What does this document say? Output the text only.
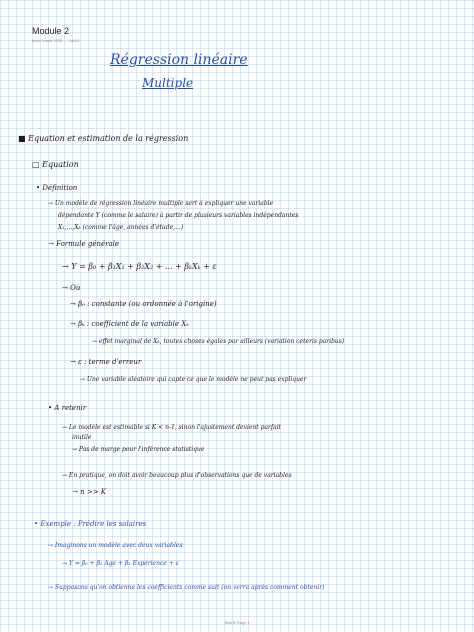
Module 2
jeudi 3 avril 2025 08:31
Régression linéaire
Multiple
■ Equation et estimation de la régression
□ Equation
• Définition
→ Un modèle de régression linéaire multiple sert à expliquer une variable
dépendante Y (comme le salaire) à partir de plusieurs variables indépendantes
X₁,...,Xₖ (comme l'âge, années d'étude,...)
→ Formule générale
→ Y = β₀ + β₁X₁ + β₂X₂ + ... + βₖXₖ + ε
→ Où
→ β₀ : constante (ou ordonnée à l'origine)
→ βₖ : coefficient de la variable Xₖ
→ effet marginal de Xₖ, toutes choses égales par ailleurs (variation ceteris paribus)
→ ε : terme d'erreur
→ Une variable aléatoire qui capte ce que le modèle ne peut pas expliquer
• A retenir
→ Le modèle est estimable si K < n-1, sinon l'ajustement devient parfait
inutile
→ Pas de marge pour l'inférence statistique
→ En pratique, on doit avoir beaucoup plus d'observations que de variables
→ n >> K
• Exemple : Prédire les salaires
→ Imaginons un modèle avec deux variables
→ Y = β₀ + β₁ Age + β₂ Expérience + ε
→ Supposons qu'on obtienne les coefficients comme suit (on verra après comment obtenir)
Stat B Page 1
